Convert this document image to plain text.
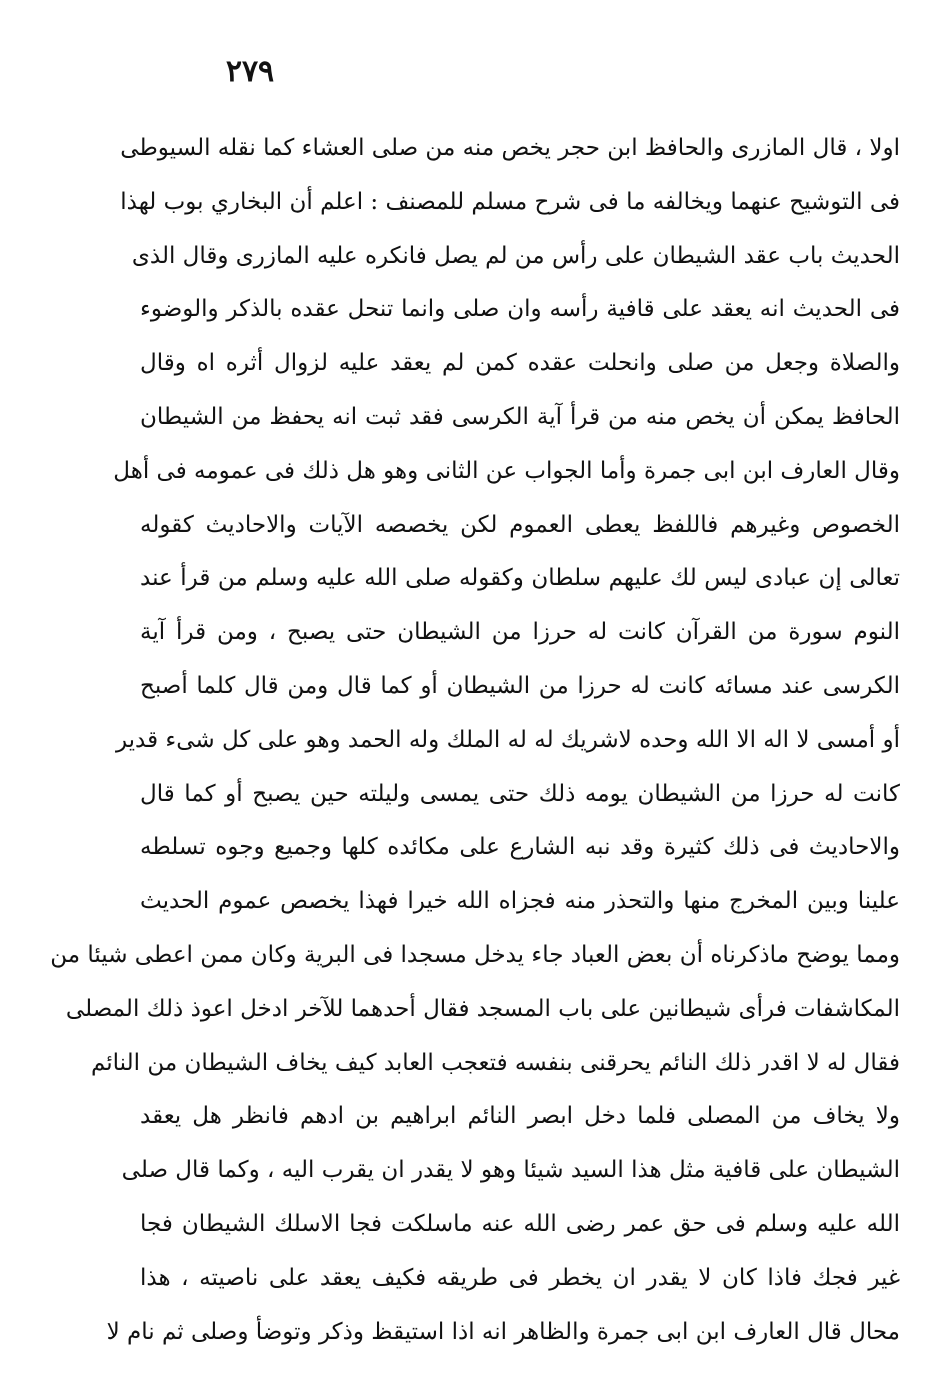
٢٧٩
اولا ، قال المازرى والحافظ ابن حجر يخص منه من صلى العشاء كما نقله السيوطى
فى التوشيح عنهما ويخالفه ما فى شرح مسلم للمصنف : اعلم أن البخاري بوب لهذا
الحديث باب عقد الشيطان على رأس من لم يصل فانكره عليه المازرى وقال الذى
فى الحديث انه يعقد على قافية رأسه وان صلى وانما تنحل عقده بالذكر والوضوء
والصلاة وجعل من صلى وانحلت عقده كمن لم يعقد عليه لزوال أثره اه وقال
الحافظ يمكن أن يخص منه من قرأ آية الكرسى فقد ثبت انه يحفظ من الشيطان
وقال العارف ابن ابى جمرة وأما الجواب عن الثانى وهو هل ذلك فى عمومه فى أهل
الخصوص وغيرهم فاللفظ يعطى العموم لكن يخصصه الآيات والاحاديث كقوله
تعالى إن عبادى ليس لك عليهم سلطان وكقوله صلى الله عليه وسلم من قرأ عند
النوم سورة من القرآن كانت له حرزا من الشيطان حتى يصبح ، ومن قرأ آية
الكرسى عند مسائه كانت له حرزا من الشيطان أو كما قال ومن قال كلما أصبح
أو أمسى لا اله الا الله وحده لاشريك له له الملك وله الحمد وهو على كل شىء قدير
كانت له حرزا من الشيطان يومه ذلك حتى يمسى وليلته حين يصبح أو كما قال
والاحاديث فى ذلك كثيرة وقد نبه الشارع على مكائده كلها وجميع وجوه تسلطه
علينا وبين المخرج منها والتحذر منه فجزاه الله خيرا فهذا يخصص عموم الحديث
ومما يوضح ماذكرناه أن بعض العباد جاء يدخل مسجدا فى البرية وكان ممن اعطى شيئا من
المكاشفات فرأى شيطانين على باب المسجد فقال أحدهما للآخر ادخل اعوذ ذلك المصلى
فقال له لا اقدر ذلك النائم يحرقنى بنفسه فتعجب العابد كيف يخاف الشيطان من النائم
ولا يخاف من المصلى فلما دخل ابصر النائم ابراهيم بن ادهم فانظر هل يعقد
الشيطان على قافية مثل هذا السيد شيئا وهو لا يقدر ان يقرب اليه ، وكما قال صلى
الله عليه وسلم فى حق عمر رضى الله عنه ماسلكت فجا الاسلك الشيطان فجا
غير فجك فاذا كان لا يقدر ان يخطر فى طريقه فكيف يعقد على ناصيته ، هذا
محال قال العارف ابن ابى جمرة والظاهر انه اذا استيقظ وذكر وتوضأ وصلى ثم نام لا
